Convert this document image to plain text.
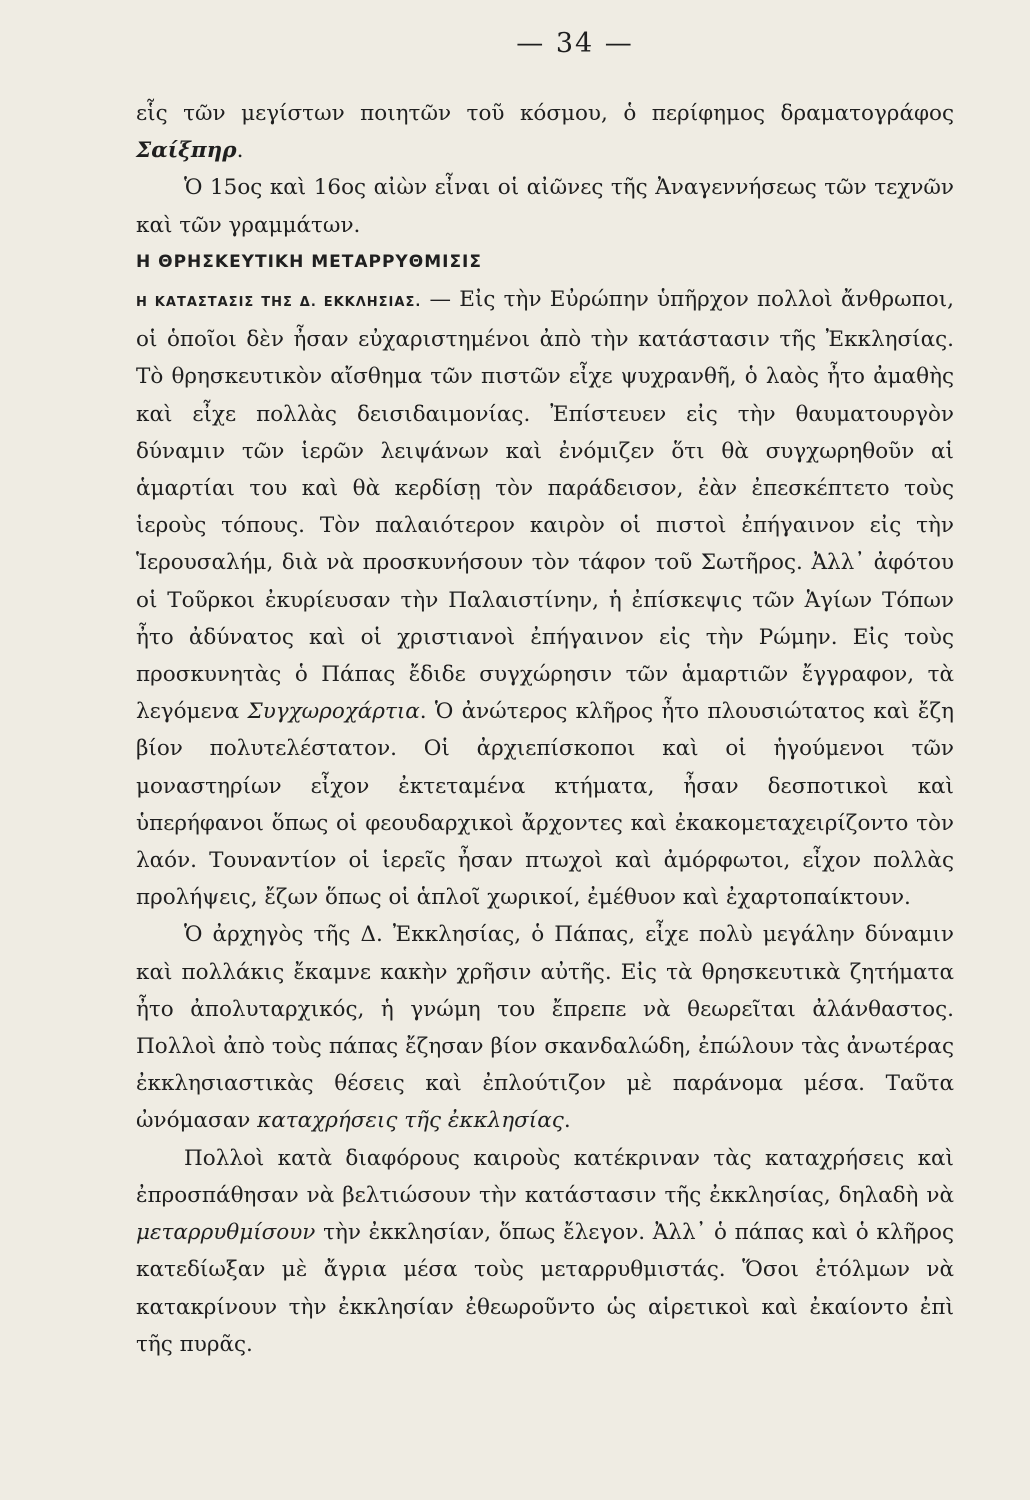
— 34 —

εἷς τῶν μεγίστων ποιητῶν τοῦ κόσμου, ὁ περίφημος δραματογράφος Σαίξπηρ.

Ὁ 15ος καὶ 16ος αἰὼν εἶναι οἱ αἰῶνες τῆς Ἀναγεννήσεως τῶν τεχνῶν καὶ τῶν γραμμάτων.

Η ΘΡΗΣΚΕΥΤΙΚΗ ΜΕΤΑΡΡΥΘΜΙΣΙΣ

Η ΚΑΤΑΣΤΑΣΙΣ ΤΗΣ Δ. ΕΚΚΛΗΣΙΑΣ. — Εἰς τὴν Εὐρώπην ὑπῆρχον πολλοὶ ἄνθρωποι, οἱ ὁποῖοι δὲν ἦσαν εὐχαριστημένοι ἀπὸ τὴν κατάστασιν τῆς Ἐκκλησίας. Τὸ θρησκευτικὸν αἴσθημα τῶν πιστῶν εἶχε ψυχρανθῆ, ὁ λαὸς ἦτο ἀμαθὴς καὶ εἶχε πολλὰς δεισιδαιμονίας. Ἐπίστευεν εἰς τὴν θαυματουργὸν δύναμιν τῶν ἱερῶν λειψάνων καὶ ἐνόμιζεν ὅτι θὰ συγχωρηθοῦν αἱ ἁμαρτίαι του καὶ θὰ κερδίσῃ τὸν παράδεισον, ἐὰν ἐπεσκέπτετο τοὺς ἱεροὺς τόπους. Τὸν παλαιότερον καιρὸν οἱ πιστοὶ ἐπήγαινον εἰς τὴν Ἱερουσαλήμ, διὰ νὰ προσκυνήσουν τὸν τάφον τοῦ Σωτῆρος. Ἀλλ᾽ ἀφότου οἱ Τοῦρκοι ἐκυρίευσαν τὴν Παλαιστίνην, ἡ ἐπίσκεψις τῶν Ἁγίων Τόπων ἦτο ἀδύνατος καὶ οἱ χριστιανοὶ ἐπήγαινον εἰς τὴν Ρώμην. Εἰς τοὺς προσκυνητὰς ὁ Πάπας ἔδιδε συγχώρησιν τῶν ἁμαρτιῶν ἔγγραφον, τὰ λεγόμενα Συγχωροχάρτια. Ὁ ἀνώτερος κλῆρος ἦτο πλουσιώτατος καὶ ἔζη βίον πολυτελέστατον. Οἱ ἀρχιεπίσκοποι καὶ οἱ ἡγούμενοι τῶν μοναστηρίων εἶχον ἐκτεταμένα κτήματα, ἦσαν δεσποτικοὶ καὶ ὑπερήφανοι ὅπως οἱ φεουδαρχικοὶ ἄρχοντες καὶ ἐκακομεταχειρίζοντο τὸν λαόν. Τουναντίον οἱ ἱερεῖς ἦσαν πτωχοὶ καὶ ἀμόρφωτοι, εἶχον πολλὰς προλήψεις, ἔζων ὅπως οἱ ἁπλοῖ χωρικοί, ἐμέθυον καὶ ἐχαρτοπαίκτουν.

Ὁ ἀρχηγὸς τῆς Δ. Ἐκκλησίας, ὁ Πάπας, εἶχε πολὺ μεγάλην δύναμιν καὶ πολλάκις ἔκαμνε κακὴν χρῆσιν αὐτῆς. Εἰς τὰ θρησκευτικὰ ζητήματα ἦτο ἀπολυταρχικός, ἡ γνώμη του ἔπρεπε νὰ θεωρεῖται ἀλάνθαστος. Πολλοὶ ἀπὸ τοὺς πάπας ἔζησαν βίον σκανδαλώδη, ἐπώλουν τὰς ἀνωτέρας ἐκκλησιαστικὰς θέσεις καὶ ἐπλούτιζον μὲ παράνομα μέσα. Ταῦτα ὠνόμασαν καταχρήσεις τῆς ἐκκλησίας.

Πολλοὶ κατὰ διαφόρους καιροὺς κατέκριναν τὰς καταχρήσεις καὶ ἐπροσπάθησαν νὰ βελτιώσουν τὴν κατάστασιν τῆς ἐκκλησίας, δηλαδὴ νὰ μεταρρυθμίσουν τὴν ἐκκλησίαν, ὅπως ἔλεγον. Ἀλλ᾽ ὁ πάπας καὶ ὁ κλῆρος κατεδίωξαν μὲ ἄγρια μέσα τοὺς μεταρρυθμιστάς. Ὅσοι ἐτόλμων νὰ κατακρίνουν τὴν ἐκκλησίαν ἐθεωροῦντο ὡς αἱρετικοὶ καὶ ἐκαίοντο ἐπὶ τῆς πυρᾶς.
